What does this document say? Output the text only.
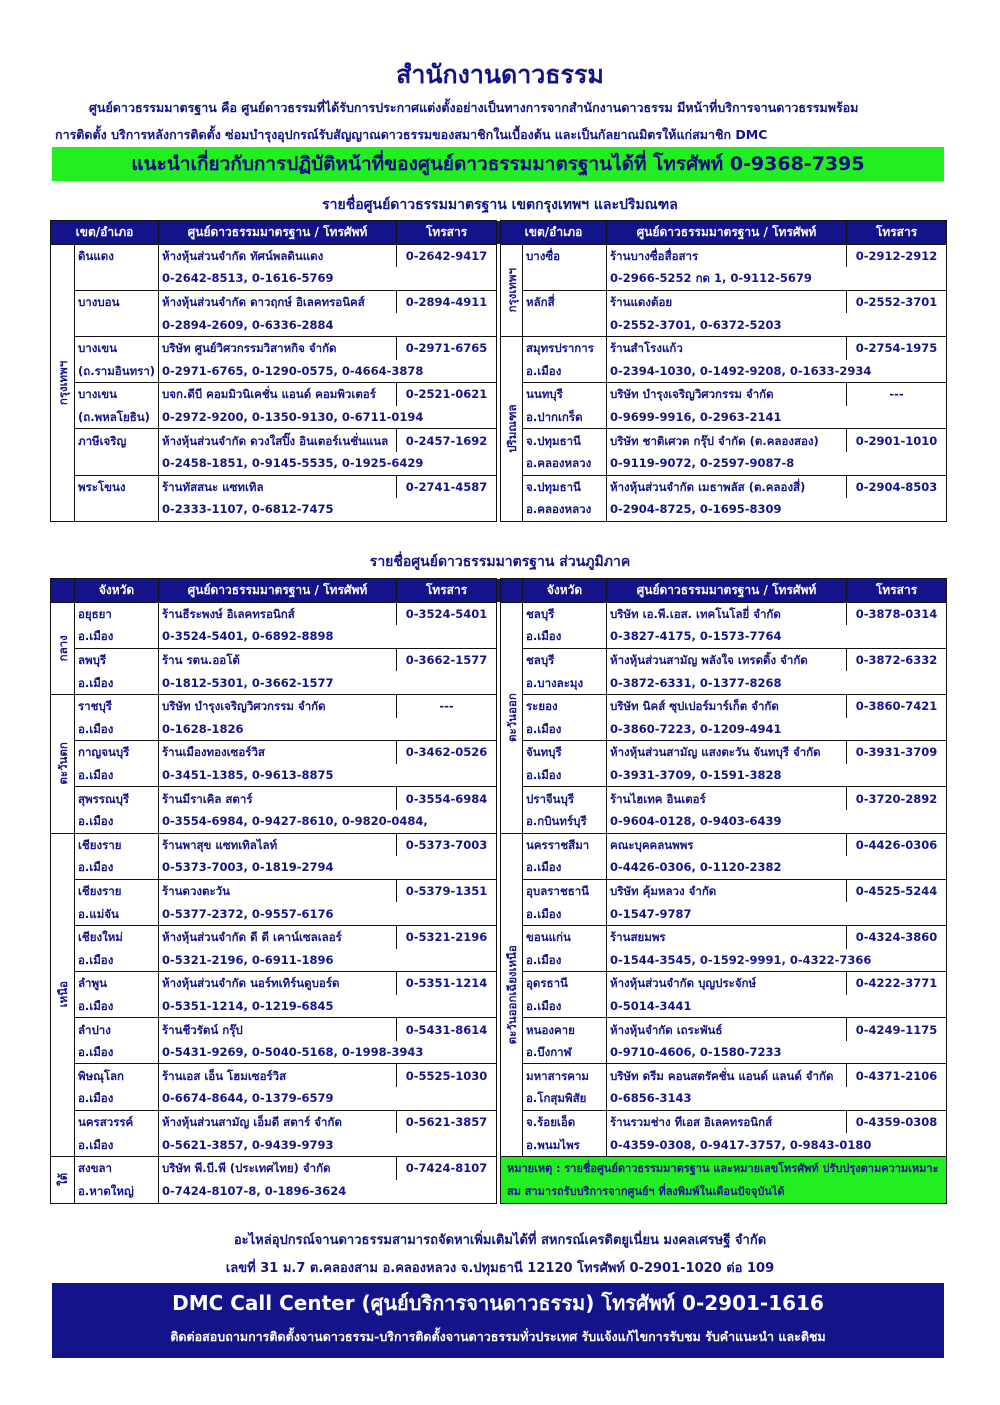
สำนักงานดาวธรรม

ศูนย์ดาวธรรมมาตรฐาน คือ ศูนย์ดาวธรรมที่ได้รับการประกาศแต่งตั้งอย่างเป็นทางการจากสำนักงานดาวธรรม มีหน้าที่บริการจานดาวธรรมพร้อม

การติดตั้ง บริการหลังการติดตั้ง ซ่อมบำรุงอุปกรณ์รับสัญญาณดาวธรรมของสมาชิกในเบื้องต้น และเป็นกัลยาณมิตรให้แก่สมาชิก DMC

แนะนำเกี่ยวกับการปฏิบัติหน้าที่ของศูนย์ดาวธรรมมาตรฐานได้ที่ โทรศัพท์ 0-9368-7395
รายชื่อศูนย์ดาวธรรมมาตรฐาน เขตกรุงเทพฯ และปริมณฑล
เขต/อำเภอ		ศูนย์ดาวธรรมมาตรฐาน / โทรศัพท์	โทรสาร		เขต/อำเภอ		ศูนย์ดาวธรรมมาตรฐาน / โทรศัพท์	โทรสาร
กรุงเทพฯ	ดินแดง	ห้างหุ้นส่วนจำกัด ทัศน์พลดินแดง	0-2642-9417		กรุงเทพฯ	บางซื่อ	ร้านบางซื่อสื่อสาร	0-2912-2912
		0-2642-8513, 0-1616-5769					0-2966-5252 กด 1, 0-9112-5679	
	บางบอน	ห้างหุ้นส่วนจำกัด ดาวฤกษ์ อิเลคทรอนิคส์	0-2894-4911			หลักสี่	ร้านแดงต้อย	0-2552-3701
		0-2894-2609, 0-6336-2884					0-2552-3701, 0-6372-5203	
	บางเขน	บริษัท ศูนย์วิศวกรรมวิสาหกิจ จำกัด	0-2971-6765		ปริมณฑล	สมุทรปราการ	ร้านสำโรงแก้ว	0-2754-1975
	(ถ.รามอินทรา)	0-2971-6765, 0-1290-0575, 0-4664-3878				อ.เมือง	0-2394-1030, 0-1492-9208, 0-1633-2934	
	บางเขน	บจก.ดีบี คอมมิวนิเคชั่น แอนด์ คอมพิวเตอร์	0-2521-0621			นนทบุรี	บริษัท บำรุงเจริญวิศวกรรม จำกัด	---
	(ถ.พหลโยธิน)	0-2972-9200, 0-1350-9130, 0-6711-0194				อ.ปากเกร็ด	0-9699-9916, 0-2963-2141	
	ภาษีเจริญ	ห้างหุ้นส่วนจำกัด ดวงใสปิ๊ง อินเตอร์เนชั่นแนล	0-2457-1692			จ.ปทุมธานี	บริษัท ชาติเศวต กรุ๊ป จำกัด (ต.คลองสอง)	0-2901-1010
		0-2458-1851, 0-9145-5535, 0-1925-6429				อ.คลองหลวง	0-9119-9072, 0-2597-9087-8	
	พระโขนง	ร้านทัสสนะ แซทเทิล	0-2741-4587			จ.ปทุมธานี	ห้างหุ้นส่วนจำกัด เมธาพลัส (ต.คลองสี่)	0-2904-8503
		0-2333-1107, 0-6812-7475				อ.คลองหลวง	0-2904-8725, 0-1695-8309	
รายชื่อศูนย์ดาวธรรมมาตรฐาน ส่วนภูมิภาค
ภาค	จังหวัด	ศูนย์ดาวธรรมมาตรฐาน / โทรศัพท์	โทรสาร		ภาค	จังหวัด	ศูนย์ดาวธรรมมาตรฐาน / โทรศัพท์	โทรสาร
กลาง	อยุธยา	ร้านธีระพงษ์ อิเลคทรอนิกส์	0-3524-5401		ตะวันออก	ชลบุรี	บริษัท เอ.พี.เอส. เทคโนโลยี่ จำกัด	0-3878-0314
	อ.เมือง	0-3524-5401, 0-6892-8898				อ.เมือง	0-3827-4175, 0-1573-7764	
	ลพบุรี	ร้าน รตน.ออโต้	0-3662-1577			ชลบุรี	ห้างหุ้นส่วนสามัญ พลังใจ เทรดดิ้ง จำกัด	0-3872-6332
	อ.เมือง	0-1812-5301, 0-3662-1577				อ.บางละมุง	0-3872-6331, 0-1377-8268	
ตะวันตก	ราชบุรี	บริษัท บำรุงเจริญวิศวกรรม จำกัด	---			ระยอง	บริษัท นิคส์ ซุปเปอร์มาร์เก็ต จำกัด	0-3860-7421
	อ.เมือง	0-1628-1826				อ.เมือง	0-3860-7223, 0-1209-4941	
	กาญจนบุรี	ร้านเมืองทองเซอร์วิส	0-3462-0526			จันทบุรี	ห้างหุ้นส่วนสามัญ แสงตะวัน จันทบุรี จำกัด	0-3931-3709
	อ.เมือง	0-3451-1385, 0-9613-8875				อ.เมือง	0-3931-3709, 0-1591-3828	
	สุพรรณบุรี	ร้านมีราเคิล สตาร์	0-3554-6984			ปราจีนบุรี	ร้านไฮเทค อินเตอร์	0-3720-2892
	อ.เมือง	0-3554-6984, 0-9427-8610, 0-9820-0484,				อ.กบินทร์บุรี	0-9604-0128, 0-9403-6439	
เหนือ	เชียงราย	ร้านพาสุข แซทเทิลไลท์	0-5373-7003		ตะวันออกเฉียงเหนือ	นครราชสีมา	คณะบุคคลนพพร	0-4426-0306
	อ.เมือง	0-5373-7003, 0-1819-2794				อ.เมือง	0-4426-0306, 0-1120-2382	
	เชียงราย	ร้านดวงตะวัน	0-5379-1351			อุบลราชธานี	บริษัท คุ้มหลวง จำกัด	0-4525-5244
	อ.แม่จัน	0-5377-2372, 0-9557-6176				อ.เมือง	0-1547-9787	
	เชียงใหม่	ห้างหุ้นส่วนจำกัด ดี ดี เคาน์เซลเลอร์	0-5321-2196			ขอนแก่น	ร้านสยมพร	0-4324-3860
	อ.เมือง	0-5321-2196, 0-6911-1896				อ.เมือง	0-1544-3545, 0-1592-9991, 0-4322-7366	
	ลำพูน	ห้างหุ้นส่วนจำกัด นอร์ทเทิร์นดูบอร์ด	0-5351-1214			อุดรธานี	ห้างหุ้นส่วนจำกัด บุญประจักษ์	0-4222-3771
	อ.เมือง	0-5351-1214, 0-1219-6845				อ.เมือง	0-5014-3441	
	ลำปาง	ร้านชีวรัตน์ กรุ๊ป	0-5431-8614			หนองคาย	ห้างหุ้นจำกัด เถระพันธ์	0-4249-1175
	อ.เมือง	0-5431-9269, 0-5040-5168, 0-1998-3943				อ.บึงกาฬ	0-9710-4606, 0-1580-7233	
	พิษณุโลก	ร้านเอส เอ็น โฮมเซอร์วิส	0-5525-1030			มหาสารคาม	บริษัท ดรีม คอนสตรัคชั่น แอนด์ แลนด์ จำกัด	0-4371-2106
	อ.เมือง	0-6674-8644, 0-1379-6579				อ.โกสุมพิสัย	0-6856-3143	
	นครสวรรค์	ห้างหุ้นส่วนสามัญ เอ็มดี สตาร์ จำกัด	0-5621-3857			จ.ร้อยเอ็ด	ร้านรวมช่าง ทีเอส อิเลคทรอนิกส์	0-4359-0308
	อ.เมือง	0-5621-3857, 0-9439-9793				อ.พนมไพร	0-4359-0308, 0-9417-3757, 0-9843-0180	
ใต้	สงขลา	บริษัท พี.บี.พี (ประเทศไทย) จำกัด	0-7424-8107		หมายเหตุ : รายชื่อศูนย์ดาวธรรมมาตรฐาน และหมายเลขโทรศัพท์ ปรับปรุงตามความเหมาะสม สามารถรับบริการจากศูนย์ฯ ที่ลงพิมพ์ในเดือนปัจจุบันได้			
	อ.หาดใหญ่	0-7424-8107-8, 0-1896-3624						
อะไหล่อุปกรณ์จานดาวธรรมสามารถจัดหาเพิ่มเติมได้ที่ สหกรณ์เครดิตยูเนี่ยน มงคลเศรษฐี จำกัด
เลขที่ 31 ม.7 ต.คลองสาม อ.คลองหลวง จ.ปทุมธานี 12120 โทรศัพท์ 0-2901-1020 ต่อ 109
DMC Call Center (ศูนย์บริการจานดาวธรรม) โทรศัพท์ 0-2901-1616
ติดต่อสอบถามการติดตั้งจานดาวธรรม-บริการติดตั้งจานดาวธรรมทั่วประเทศ รับแจ้งแก้ไขการรับชม รับคำแนะนำ และติชม
